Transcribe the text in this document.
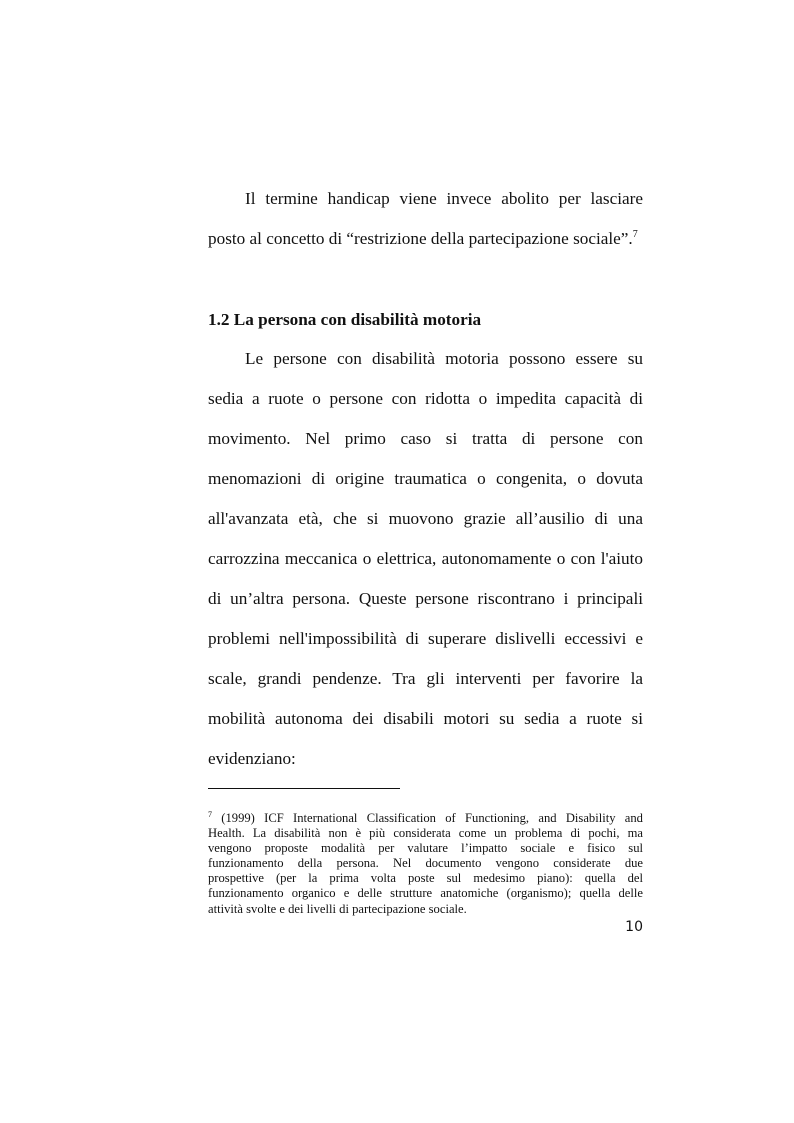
Il termine handicap viene invece abolito per lasciare
posto al concetto di “restrizione della partecipazione sociale”.$^7$
1.2 La persona con disabilità motoria
Le persone con disabilità motoria possono essere su
sedia a ruote o persone con ridotta o impedita capacità di
movimento. Nel primo caso si tratta di persone con
menomazioni di origine traumatica o congenita, o dovuta
all'avanzata età, che si muovono grazie all’ausilio di una
carrozzina meccanica o elettrica, autonomamente o con l'aiuto
di un’altra persona. Queste persone riscontrano i principali
problemi nell'impossibilità di superare dislivelli eccessivi e
scale, grandi pendenze. Tra gli interventi per favorire la
mobilità autonoma dei disabili motori su sedia a ruote si
evidenziano:
$^7$ (1999) ICF International Classification of Functioning, and Disability and
Health. La disabilità non è più considerata come un problema di pochi, ma
vengono proposte modalità per valutare l’impatto sociale e fisico sul
funzionamento della persona. Nel documento vengono considerate due
prospettive (per la prima volta poste sul medesimo piano): quella del
funzionamento organico e delle strutture anatomiche (organismo); quella delle
attività svolte e dei livelli di partecipazione sociale.
10
